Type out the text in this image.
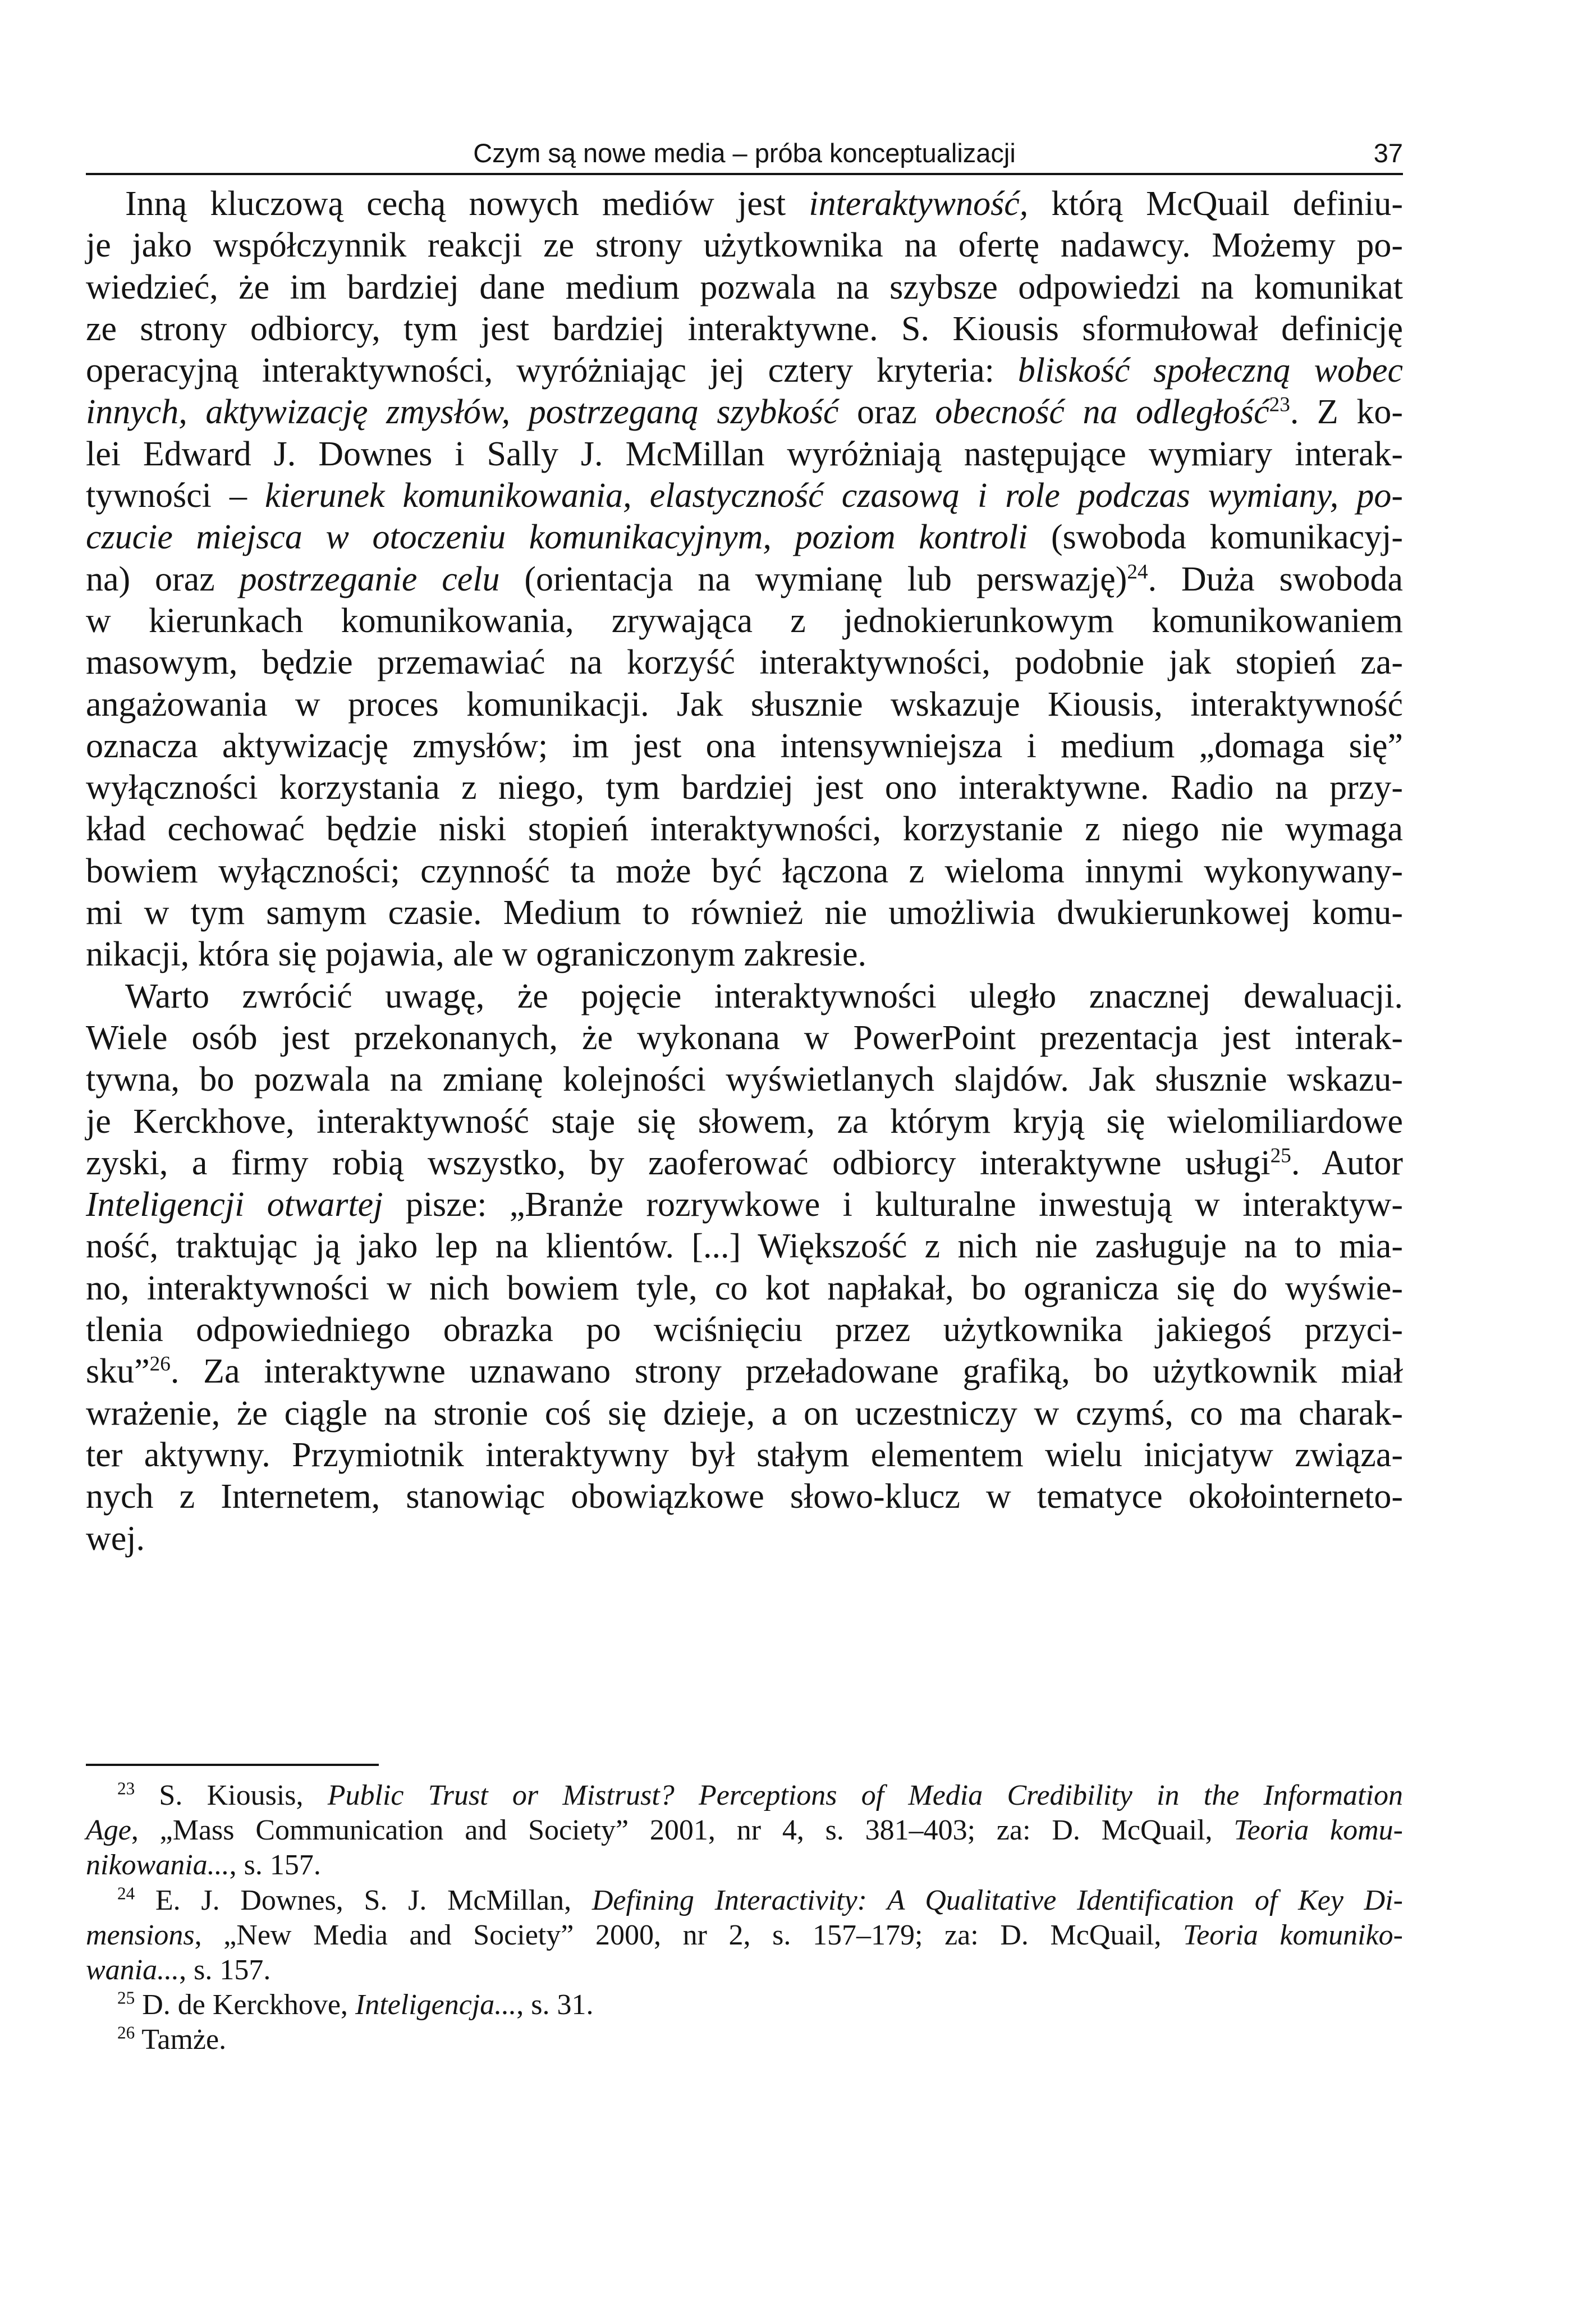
Czym są nowe media – próba konceptualizacji	37
Inną kluczową cechą nowych mediów jest interaktywność, którą McQuail definiu-
je jako współczynnik reakcji ze strony użytkownika na ofertę nadawcy. Możemy po-
wiedzieć, że im bardziej dane medium pozwala na szybsze odpowiedzi na komunikat
ze strony odbiorcy, tym jest bardziej interaktywne. S. Kiousis sformułował definicję
operacyjną interaktywności, wyróżniając jej cztery kryteria: bliskość społeczną wobec
innych, aktywizację zmysłów, postrzeganą szybkość oraz obecność na odległość$^{23}$. Z ko-
lei Edward J. Downes i Sally J. McMillan wyróżniają następujące wymiary interak-
tywności – kierunek komunikowania, elastyczność czasową i role podczas wymiany, po-
czucie miejsca w otoczeniu komunikacyjnym, poziom kontroli (swoboda komunikacyj-
na) oraz postrzeganie celu (orientacja na wymianę lub perswazję)$^{24}$. Duża swoboda
w kierunkach komunikowania, zrywająca z jednokierunkowym komunikowaniem
masowym, będzie przemawiać na korzyść interaktywności, podobnie jak stopień za-
angażowania w proces komunikacji. Jak słusznie wskazuje Kiousis, interaktywność
oznacza aktywizację zmysłów; im jest ona intensywniejsza i medium „domaga się”
wyłączności korzystania z niego, tym bardziej jest ono interaktywne. Radio na przy-
kład cechować będzie niski stopień interaktywności, korzystanie z niego nie wymaga
bowiem wyłączności; czynność ta może być łączona z wieloma innymi wykonywany-
mi w tym samym czasie. Medium to również nie umożliwia dwukierunkowej komu-
nikacji, która się pojawia, ale w ograniczonym zakresie.
Warto zwrócić uwagę, że pojęcie interaktywności uległo znacznej dewaluacji.
Wiele osób jest przekonanych, że wykonana w PowerPoint prezentacja jest interak-
tywna, bo pozwala na zmianę kolejności wyświetlanych slajdów. Jak słusznie wskazu-
je Kerckhove, interaktywność staje się słowem, za którym kryją się wielomiliardowe
zyski, a firmy robią wszystko, by zaoferować odbiorcy interaktywne usługi$^{25}$. Autor
Inteligencji otwartej pisze: „Branże rozrywkowe i kulturalne inwestują w interaktyw-
ność, traktując ją jako lep na klientów. [...] Większość z nich nie zasługuje na to mia-
no, interaktywności w nich bowiem tyle, co kot napłakał, bo ogranicza się do wyświe-
tlenia odpowiedniego obrazka po wciśnięciu przez użytkownika jakiegoś przyci-
sku”$^{26}$. Za interaktywne uznawano strony przeładowane grafiką, bo użytkownik miał
wrażenie, że ciągle na stronie coś się dzieje, a on uczestniczy w czymś, co ma charak-
ter aktywny. Przymiotnik interaktywny był stałym elementem wielu inicjatyw związa-
nych z Internetem, stanowiąc obowiązkowe słowo-klucz w tematyce okołointerneto-
wej.
$^{23}$ S. Kiousis, Public Trust or Mistrust? Perceptions of Media Credibility in the Information
Age, „Mass Communication and Society” 2001, nr 4, s. 381–403; za: D. McQuail, Teoria komu-
nikowania..., s. 157.
$^{24}$ E. J. Downes, S. J. McMillan, Defining Interactivity: A Qualitative Identification of Key Di-
mensions, „New Media and Society” 2000, nr 2, s. 157–179; za: D. McQuail, Teoria komuniko-
wania..., s. 157.
$^{25}$ D. de Kerckhove, Inteligencja..., s. 31.
$^{26}$ Tamże.
